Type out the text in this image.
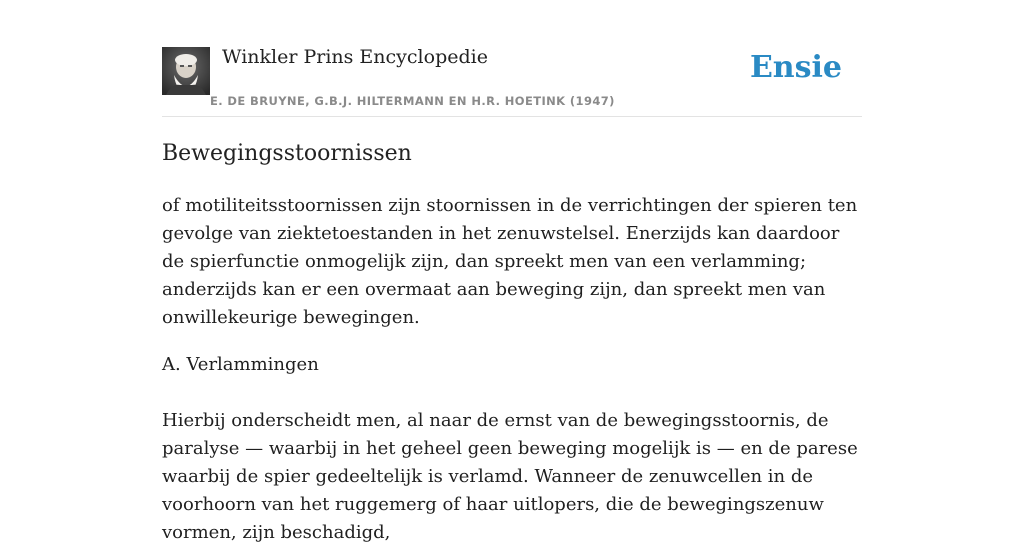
Winkler Prins Encyclopedie
E. DE BRUYNE, G.B.J. HILTERMANN EN H.R. HOETINK (1947)
Ensie
Bewegingsstoornissen
of motiliteitsstoornissen zijn stoornissen in de verrichtingen der spieren ten gevolge van ziektetoestanden in het zenuwstelsel. Enerzijds kan daardoor de spierfunctie onmogelijk zijn, dan spreekt men van een verlamming; anderzijds kan er een overmaat aan beweging zijn, dan spreekt men van onwillekeurige bewegingen.
A. Verlammingen
Hierbij onderscheidt men, al naar de ernst van de bewegingsstoornis, de paralyse — waarbij in het geheel geen beweging mogelijk is — en de parese waarbij de spier gedeeltelijk is verlamd. Wanneer de zenuwcellen in de voorhoorn van het ruggemerg of haar uitlopers, die de bewegingszenuw vormen, zijn beschadigd,
